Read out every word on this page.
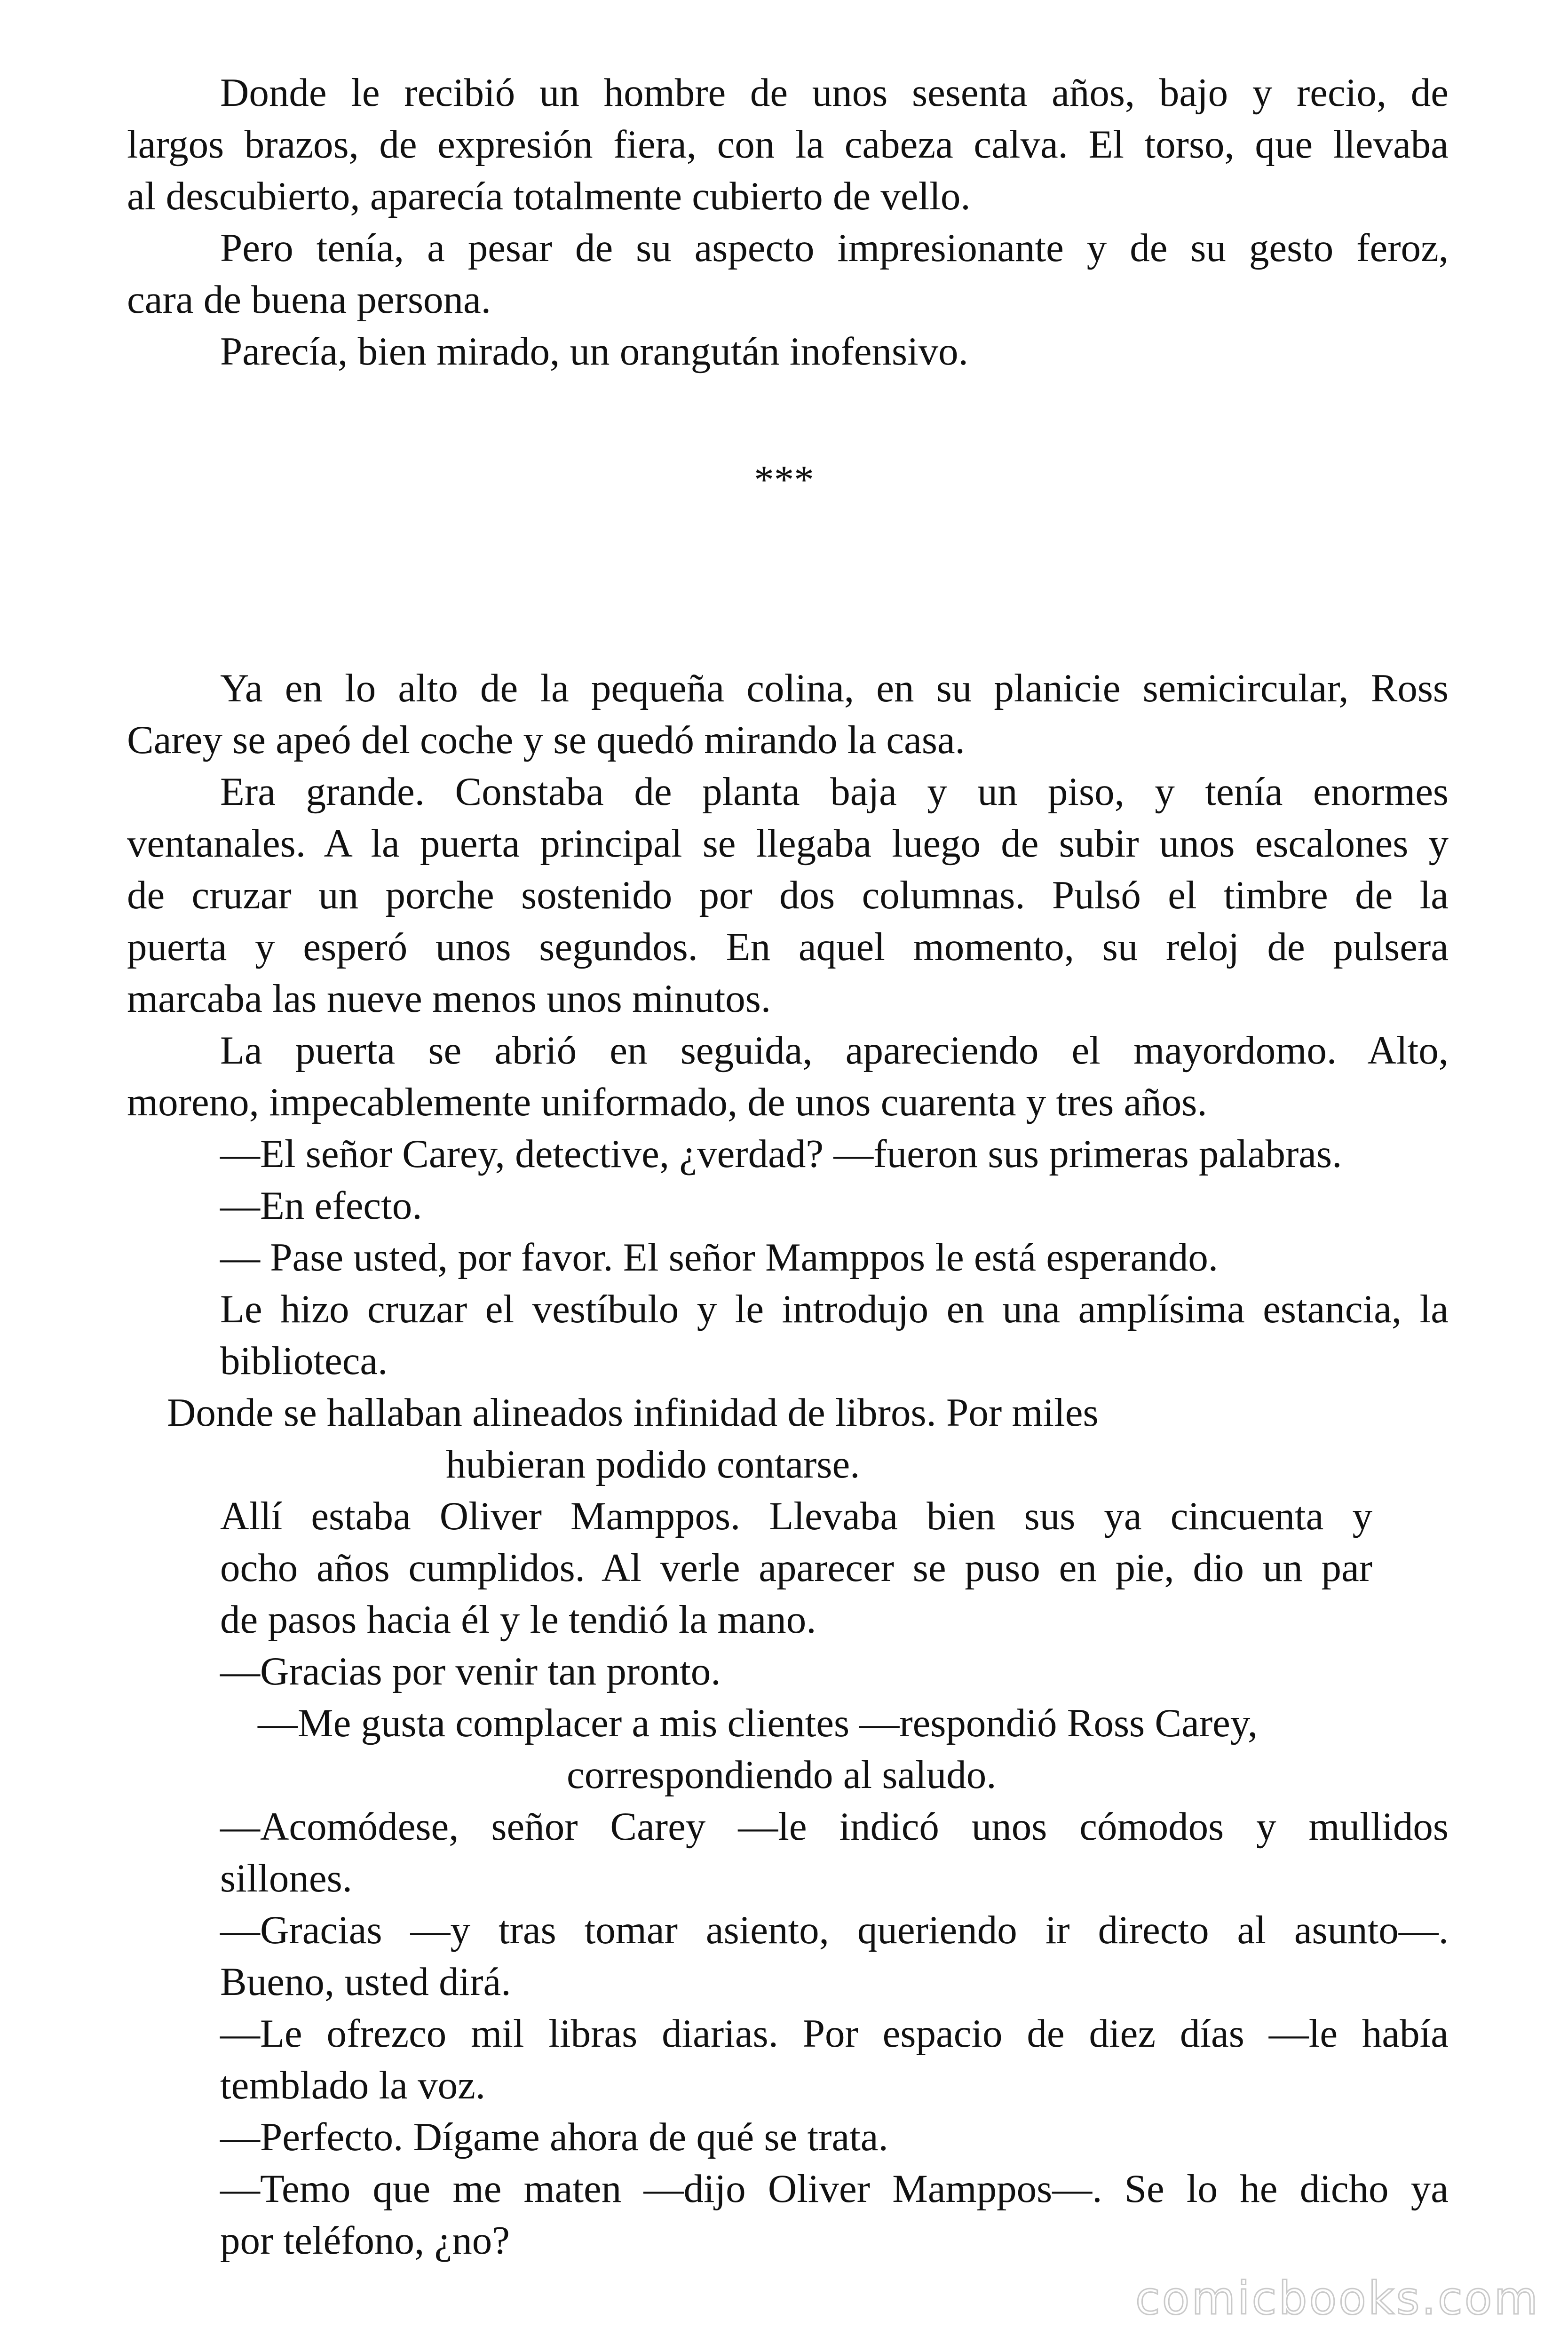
Donde le recibió un hombre de unos sesenta años, bajo y recio, de

largos brazos, de expresión fiera, con la cabeza calva. El torso, que llevaba

al descubierto, aparecía totalmente cubierto de vello.

Pero tenía, a pesar de su aspecto impresionante y de su gesto feroz,

cara de buena persona.

Parecía, bien mirado, un orangután inofensivo.

***

Ya en lo alto de la pequeña colina, en su planicie semicircular, Ross

Carey se apeó del coche y se quedó mirando la casa.

Era grande. Constaba de planta baja y un piso, y tenía enormes

ventanales. A la puerta principal se llegaba luego de subir unos escalones y

de cruzar un porche sostenido por dos columnas. Pulsó el timbre de la

puerta y esperó unos segundos. En aquel momento, su reloj de pulsera

marcaba las nueve menos unos minutos.

La puerta se abrió en seguida, apareciendo el mayordomo. Alto,

moreno, impecablemente uniformado, de unos cuarenta y tres años.

—El señor Carey, detective, ¿verdad? —fueron sus primeras palabras.

—En efecto.

— Pase usted, por favor. El señor Mamppos le está esperando.

Le hizo cruzar el vestíbulo y le introdujo en una amplísima estancia, la

biblioteca.

Donde se hallaban alineados infinidad de libros. Por miles

hubieran podido contarse.

Allí estaba Oliver Mamppos. Llevaba bien sus ya cincuenta y

ocho años cumplidos. Al verle aparecer se puso en pie, dio un par

de pasos hacia él y le tendió la mano.

—Gracias por venir tan pronto.

—Me gusta complacer a mis clientes —respondió Ross Carey,

correspondiendo al saludo.

—Acomódese, señor Carey —le indicó unos cómodos y mullidos

sillones.

—Gracias —y tras tomar asiento, queriendo ir directo al asunto—.

Bueno, usted dirá.

—Le ofrezco mil libras diarias. Por espacio de diez días —le había

temblado la voz.

—Perfecto. Dígame ahora de qué se trata.

—Temo que me maten —dijo Oliver Mamppos—. Se lo he dicho ya

por teléfono, ¿no?

comicbooks.com
